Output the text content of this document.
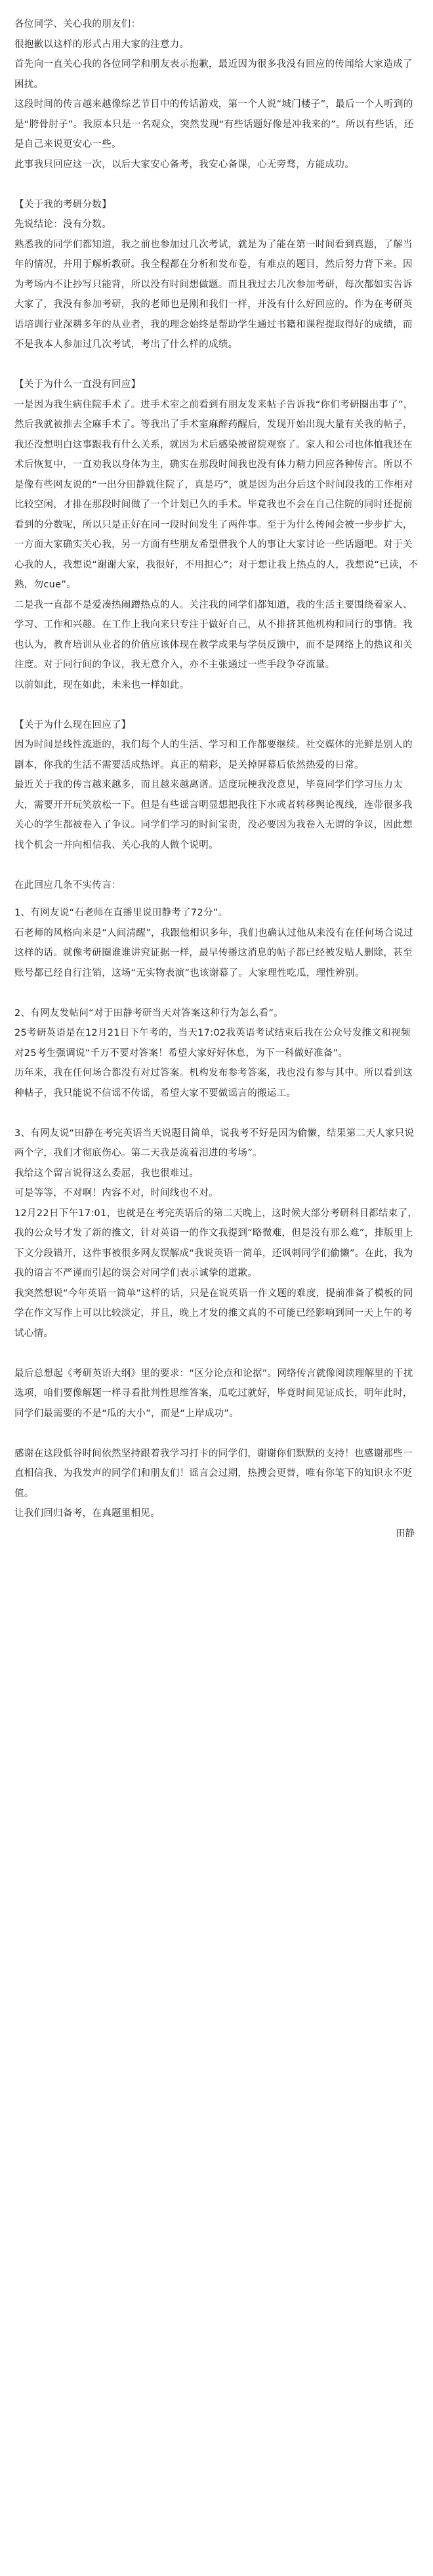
各位同学、关心我的朋友们：

很抱歉以这样的形式占用大家的注意力。

首先向一直关心我的各位同学和朋友表示抱歉，最近因为很多我没有回应的传闻给大家造成了困扰。

这段时间的传言越来越像综艺节目中的传话游戏，第一个人说“城门楼子”，最后一个人听到的是“胯骨肘子”。我原本只是一名观众，突然发现“有些话题好像是冲我来的”。所以有些话，还是自己来说更安心一些。

此事我只回应这一次，以后大家安心备考，我安心备课，心无旁骛，方能成功。

【关于我的考研分数】

先说结论：没有分数。

熟悉我的同学们都知道，我之前也参加过几次考试，就是为了能在第一时间看到真题，了解当年的情况，并用于解析教研。我全程都在分析和发布卷，有难点的题目，然后努力背下来。因为考场内不让抄写只能背，所以没有时间想做题。而且我过去几次参加考研，每次都如实告诉大家了，我没有参加考研，我的老师也是刚和我们一样，并没有什么好回应的。作为在考研英语培训行业深耕多年的从业者，我的理念始终是帮助学生通过书籍和课程提取得好的成绩，而不是我本人参加过几次考试，考出了什么样的成绩。

【关于为什么一直没有回应】

一是因为我生病住院手术了。进手术室之前看到有朋友发来帖子告诉我“你们考研圈出事了”，然后我就被推去全麻手术了。等我出了手术室麻醉药醒后，发现开始出现大量有关我的帖子，我还没想明白这事跟我有什么关系，就因为术后感染被留院观察了。家人和公司也体恤我还在术后恢复中，一直劝我以身体为主，确实在那段时间我也没有体力精力回应各种传言。所以不是像有些网友说的“一出分田静就住院了，真是巧”，就是因为出分后这个时间段我的工作相对比较空闲，才排在那段时间做了一个计划已久的手术。毕竟我也不会在自己住院的同时还提前看到的分数呢，所以只是正好在同一段时间发生了两件事。至于为什么传闻会被一步步扩大，一方面大家确实关心我，另一方面有些朋友希望借我个人的事让大家讨论一些话题吧。对于关心我的人，我想说“谢谢大家，我很好，不用担心”；对于想让我上热点的人，我想说“已读，不熟，勿cue”。

二是我一直都不是爱凑热闹蹭热点的人。关注我的同学们都知道，我的生活主要围绕着家人、学习、工作和兴趣。在工作上我向来只专注于做好自己，从不排挤其他机构和同行的事情。我也认为，教育培训从业者的价值应该体现在教学成果与学员反馈中，而不是网络上的热议和关注度。对于同行间的争议，我无意介入，亦不主张通过一些手段争夺流量。

以前如此，现在如此，未来也一样如此。

【关于为什么现在回应了】

因为时间是线性流逝的，我们每个人的生活、学习和工作都要继续。社交媒体的光鲜是别人的剧本，你我的生活不需要活成热评。真正的精彩，是关掉屏幕后依然热爱的日常。

最近关于我的传言越来越多，而且越来越离谱。适度玩梗我没意见，毕竟同学们学习压力太大，需要开开玩笑放松一下。但是有些谣言明显想把我往下水或者转移舆论视线，连带很多我关心的学生都被卷入了争议。同学们学习的时间宝贵，没必要因为我卷入无谓的争议，因此想找个机会一并向相信我、关心我的人做个说明。

在此回应几条不实传言：

1、有网友说“石老师在直播里说田静考了72分”。

石老师的风格向来是“人间清醒”，我跟他相识多年，我们也确认过他从来没有在任何场合说过这样的话。就像考研圈谁谁讲究证据一样，最早传播这消息的帖子都已经被发贴人删除，甚至账号都已经自行注销，这场“无实物表演”也该谢幕了。大家理性吃瓜，理性辨别。

2、有网友发帖问“对于田静考研当天对答案这种行为怎么看”。

25考研英语是在12月21日下午考的，当天17:02我英语考试结束后我在公众号发推文和视频对25考生强调说“千万不要对答案！希望大家好好休息，为下一科做好准备”。

历年来，我在任何场合都没有对过答案。机构发布参考答案，我也没有参与其中。所以看到这种帖子，我只能说不信谣不传谣，希望大家不要做谣言的搬运工。

3、有网友说“田静在考完英语当天说题目简单，说我考不好是因为偷懒，结果第二天人家只说两个字，我们才彻底伤心。第二天我是流着泪进的考场”。

我给这个留言说得这么委屈，我也很难过。

可是等等，不对啊！内容不对，时间线也不对。

12月22日下午17:01，也就是在考完英语后的第二天晚上，这时候大部分考研科目都结束了，我的公众号才发了新的推文，针对英语一的作文我提到“略微难，但是没有那么难”，排版里上下文分段错开，这件事被很多网友误解成“我说英语一简单，还讽刺同学们偷懒”。在此，我为我的语言不严谨而引起的误会对同学们表示诚挚的道歉。

我突然想说“今年英语一简单”这样的话，只是在说英语一作文题的难度，提前准备了模板的同学在作文写作上可以比较淡定，并且，晚上才发的推文真的不可能已经影响到同一天上午的考试心情。

最后总想起《考研英语大纲》里的要求：“区分论点和论据”。网络传言就像阅读理解里的干扰选项，咱们要像解题一样寻看批判性思维答案，瓜吃过就好，毕竟时间见证成长，明年此时，同学们最需要的不是“瓜的大小”，而是“上岸成功”。

感谢在这段低谷时间依然坚持跟着我学习打卡的同学们，谢谢你们默默的支持！也感谢那些一直相信我、为我发声的同学们和朋友们！谣言会过期，热搜会更替，唯有你笔下的知识永不贬值。

让我们回归备考，在真题里相见。

田静
